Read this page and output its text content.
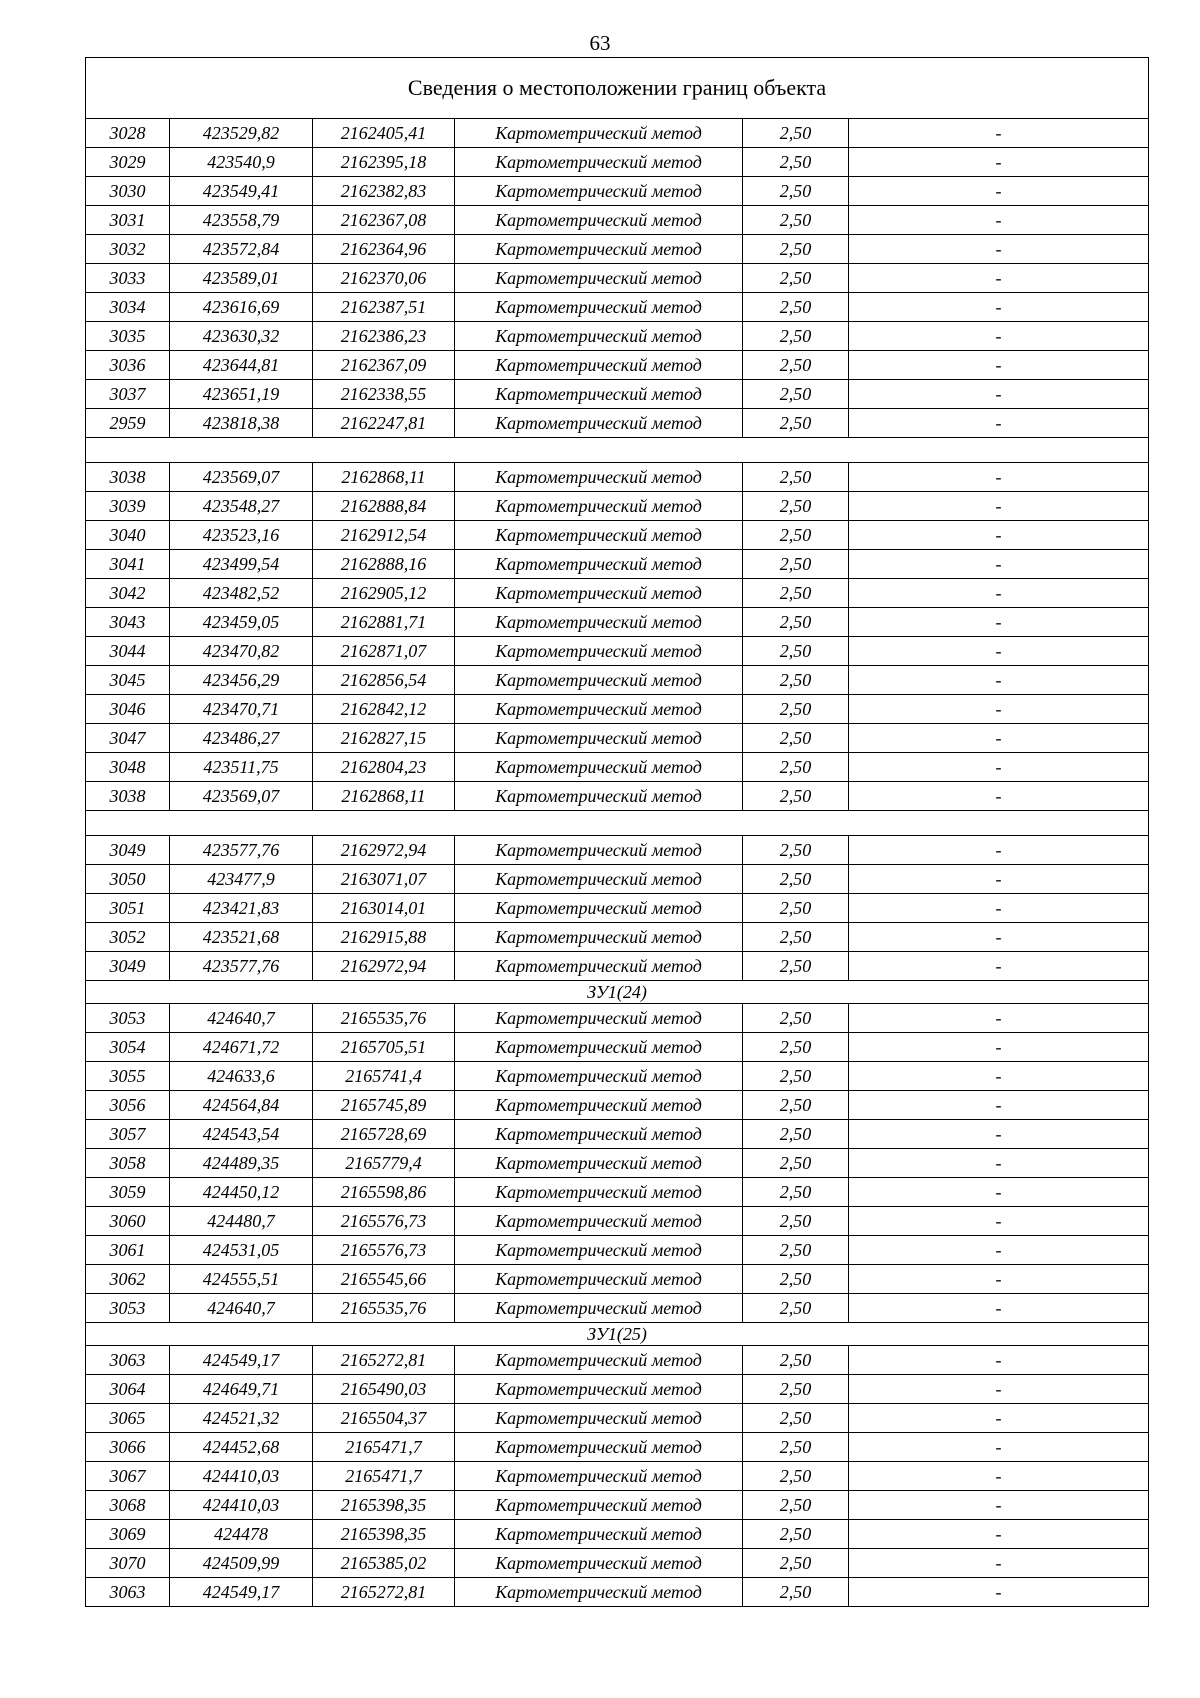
63
Сведения о местоположении границ объекта					
3028	423529,82	2162405,41	Картометрический метод	2,50	-
3029	423540,9	2162395,18	Картометрический метод	2,50	-
3030	423549,41	2162382,83	Картометрический метод	2,50	-
3031	423558,79	2162367,08	Картометрический метод	2,50	-
3032	423572,84	2162364,96	Картометрический метод	2,50	-
3033	423589,01	2162370,06	Картометрический метод	2,50	-
3034	423616,69	2162387,51	Картометрический метод	2,50	-
3035	423630,32	2162386,23	Картометрический метод	2,50	-
3036	423644,81	2162367,09	Картометрический метод	2,50	-
3037	423651,19	2162338,55	Картометрический метод	2,50	-
2959	423818,38	2162247,81	Картометрический метод	2,50	-

3038	423569,07	2162868,11	Картометрический метод	2,50	-
3039	423548,27	2162888,84	Картометрический метод	2,50	-
3040	423523,16	2162912,54	Картометрический метод	2,50	-
3041	423499,54	2162888,16	Картометрический метод	2,50	-
3042	423482,52	2162905,12	Картометрический метод	2,50	-
3043	423459,05	2162881,71	Картометрический метод	2,50	-
3044	423470,82	2162871,07	Картометрический метод	2,50	-
3045	423456,29	2162856,54	Картометрический метод	2,50	-
3046	423470,71	2162842,12	Картометрический метод	2,50	-
3047	423486,27	2162827,15	Картометрический метод	2,50	-
3048	423511,75	2162804,23	Картометрический метод	2,50	-
3038	423569,07	2162868,11	Картометрический метод	2,50	-

3049	423577,76	2162972,94	Картометрический метод	2,50	-
3050	423477,9	2163071,07	Картометрический метод	2,50	-
3051	423421,83	2163014,01	Картометрический метод	2,50	-
3052	423521,68	2162915,88	Картометрический метод	2,50	-
3049	423577,76	2162972,94	Картометрический метод	2,50	-
ЗУ1(24)					
3053	424640,7	2165535,76	Картометрический метод	2,50	-
3054	424671,72	2165705,51	Картометрический метод	2,50	-
3055	424633,6	2165741,4	Картометрический метод	2,50	-
3056	424564,84	2165745,89	Картометрический метод	2,50	-
3057	424543,54	2165728,69	Картометрический метод	2,50	-
3058	424489,35	2165779,4	Картометрический метод	2,50	-
3059	424450,12	2165598,86	Картометрический метод	2,50	-
3060	424480,7	2165576,73	Картометрический метод	2,50	-
3061	424531,05	2165576,73	Картометрический метод	2,50	-
3062	424555,51	2165545,66	Картометрический метод	2,50	-
3053	424640,7	2165535,76	Картометрический метод	2,50	-
ЗУ1(25)					
3063	424549,17	2165272,81	Картометрический метод	2,50	-
3064	424649,71	2165490,03	Картометрический метод	2,50	-
3065	424521,32	2165504,37	Картометрический метод	2,50	-
3066	424452,68	2165471,7	Картометрический метод	2,50	-
3067	424410,03	2165471,7	Картометрический метод	2,50	-
3068	424410,03	2165398,35	Картометрический метод	2,50	-
3069	424478	2165398,35	Картометрический метод	2,50	-
3070	424509,99	2165385,02	Картометрический метод	2,50	-
3063	424549,17	2165272,81	Картометрический метод	2,50	-
